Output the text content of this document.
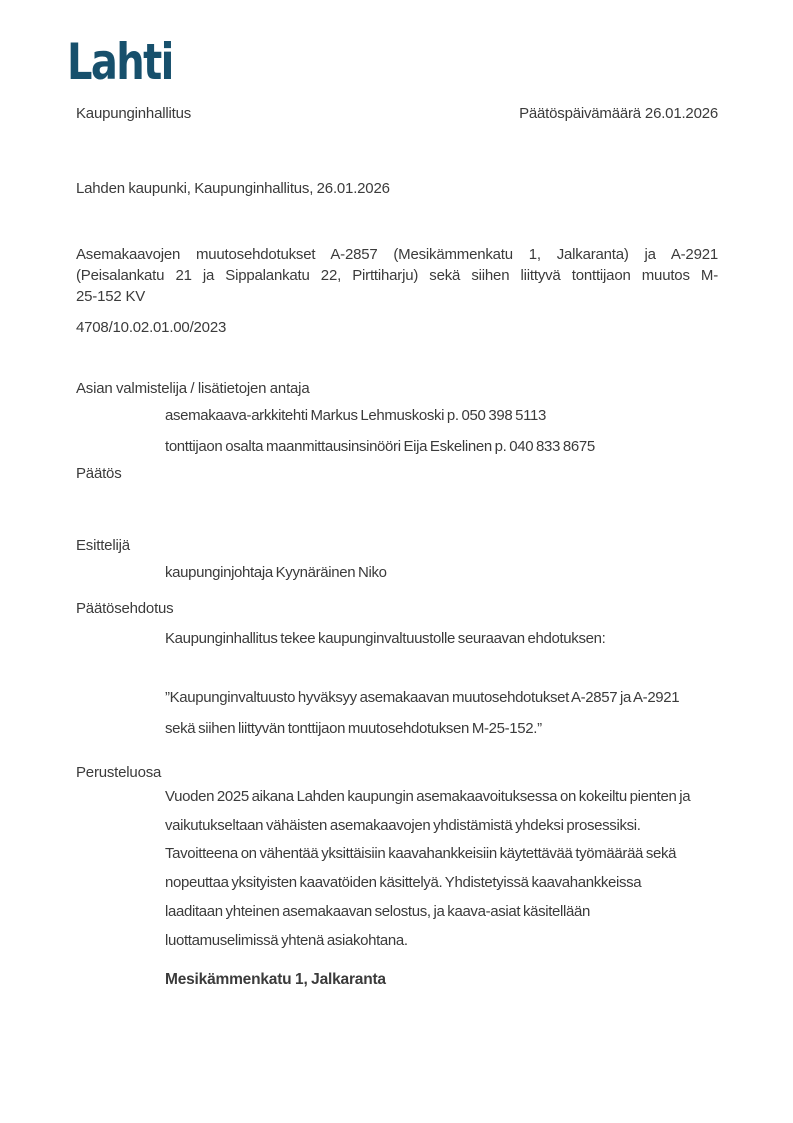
Lahti
Kaupunginhallitus	Päätöspäivämäärä 26.01.2026
Lahden kaupunki, Kaupunginhallitus, 26.01.2026
Asemakaavojen muutosehdotukset A-2857 (Mesikämmenkatu 1, Jalkaranta) ja A-2921
(Peisalankatu 21 ja Sippalankatu 22, Pirttiharju) sekä siihen liittyvä tonttijaon muutos M-
25-152 KV
4708/10.02.01.00/2023
Asian valmistelija / lisätietojen antaja
asemakaava-arkkitehti Markus Lehmuskoski p. 050 398 5113
tonttijaon osalta maanmittausinsinööri Eija Eskelinen p. 040 833 8675
Päätös
Esittelijä
kaupunginjohtaja Kyynäräinen Niko
Päätösehdotus
Kaupunginhallitus tekee kaupunginvaltuustolle seuraavan ehdotuksen:
”Kaupunginvaltuusto hyväksyy asemakaavan muutosehdotukset A-2857 ja A-2921
sekä siihen liittyvän tonttijaon muutosehdotuksen M-25-152.”
Perusteluosa
Vuoden 2025 aikana Lahden kaupungin asemakaavoituksessa on kokeiltu pienten ja
vaikutukseltaan vähäisten asemakaavojen yhdistämistä yhdeksi prosessiksi.
Tavoitteena on vähentää yksittäisiin kaavahankkeisiin käytettävää työmäärää sekä
nopeuttaa yksityisten kaavatöiden käsittelyä. Yhdistetyissä kaavahankkeissa
laaditaan yhteinen asemakaavan selostus, ja kaava-asiat käsitellään
luottamuselimissä yhtenä asiakohtana.
Mesikämmenkatu 1, Jalkaranta
